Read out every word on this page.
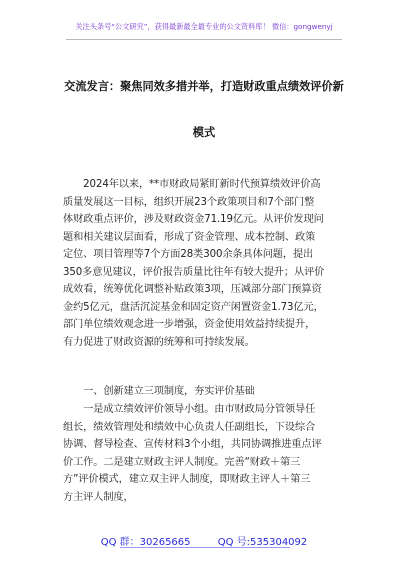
关注头条号“公文研究”，获得最新最全最专业的公文资料库！ 微信：gongwenyj
交流发言：聚焦同效多措并举，打造财政重点绩效评价新
模式
　　2024年以来，**市财政局紧盯新时代预算绩效评价高
质量发展这一目标，组织开展23个政策项目和7个部门整
体财政重点评价，涉及财政资金71.19亿元。从评价发现问
题和相关建议层面看，形成了资金管理、成本控制、政策
定位、项目管理等7个方面28类300余条具体问题，提出
350多意见建议，评价报告质量比往年有较大提升；从评价
成效看，统筹优化调整补贴政策3项，压减部分部门预算资
金约5亿元，盘活沉淀基金和固定资产闲置资金1.73亿元，
部门单位绩效观念进一步增强，资金使用效益持续提升，
有力促进了财政资源的统筹和可持续发展。
　　一、创新建立三项制度，夯实评价基础
　　一是成立绩效评价领导小组。由市财政局分管领导任
组长，绩效管理处和绩效中心负责人任副组长，下设综合
协调、督导检查、宣传材料3个小组，共同协调推进重点评
价工作。二是建立财政主评人制度。完善“财政＋第三
方”评价模式，建立双主评人制度，即财政主评人＋第三
方主评人制度，
QQ 群：30265665	QQ 号:535304092
